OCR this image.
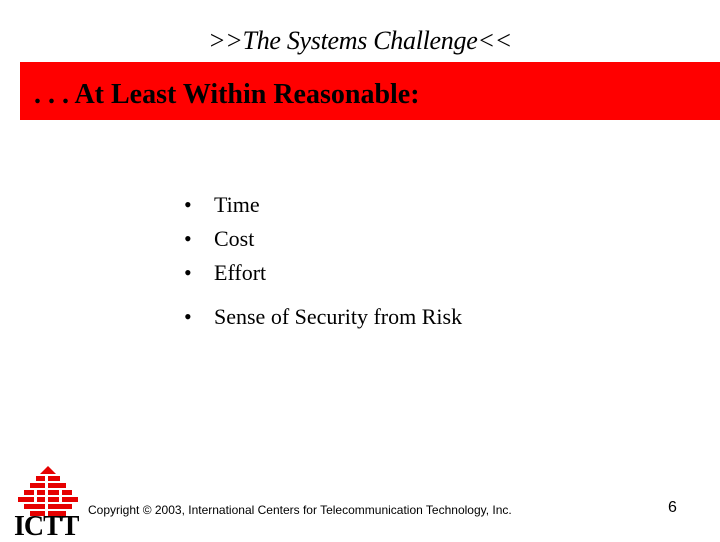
>>The Systems Challenge<<
. . . At Least Within Reasonable:
• Time
• Cost
• Effort
• Sense of Security from Risk
ICTT
Copyright © 2003, International Centers for Telecommunication Technology, Inc.	6
